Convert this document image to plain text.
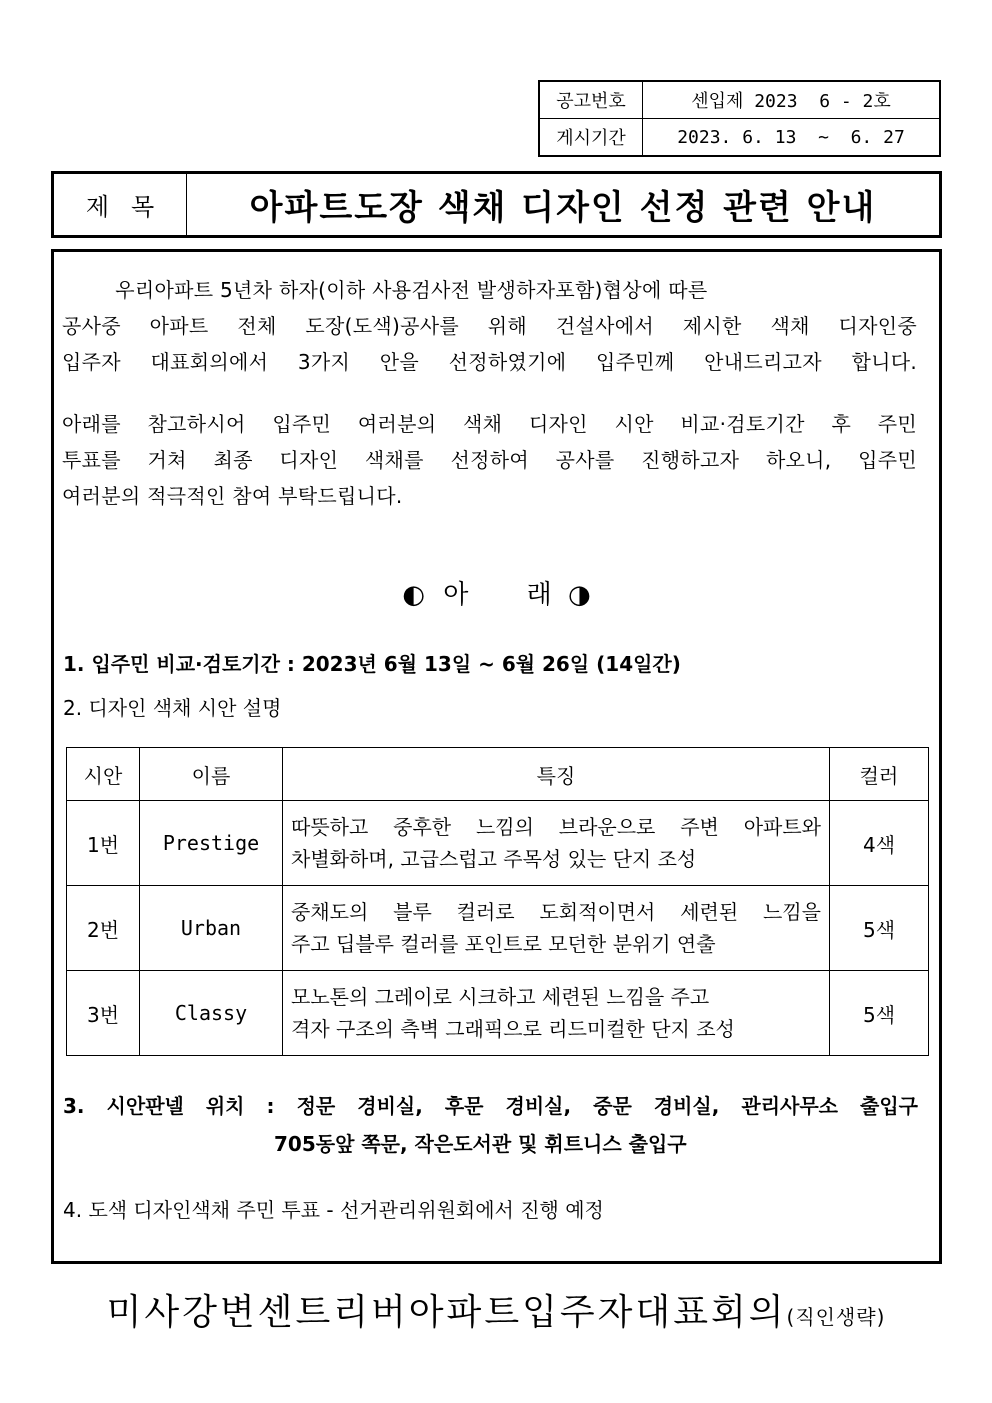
공고번호	센입제 2023  6 - 2호
게시기간	2023. 6. 13  ~  6. 27
제목	아파트도장 색채 디자인 선정 관련 안내
우리아파트 5년차 하자(이하 사용검사전 발생하자포함)협상에 따른
공사중 아파트 전체 도장(도색)공사를 위해 건설사에서 제시한 색채 디자인중
입주자 대표회의에서 3가지 안을 선정하였기에 입주민께 안내드리고자 합니다.
아래를 참고하시어 입주민 여러분의 색채 디자인 시안 비교·검토기간 후 주민
투표를 거쳐 최종 디자인 색채를 선정하여 공사를 진행하고자 하오니, 입주민
여러분의 적극적인 참여 부탁드립니다.
◐ 아 래 ◑
1. 입주민 비교·검토기간 : 2023년 6월 13일 ~ 6월 26일 (14일간)
2. 디자인 색채 시안 설명
시안	이름	특징	컬러
1번	Prestige	따뜻하고 중후한 느낌의 브라운으로 주변 아파트와
차별화하며, 고급스럽고 주목성 있는 단지 조성	4색
2번	Urban	중채도의 블루 컬러로 도회적이면서 세련된 느낌을
주고 딥블루 컬러를 포인트로 모던한 분위기 연출	5색
3번	Classy	모노톤의 그레이로 시크하고 세련된 느낌을 주고
격자 구조의 측벽 그래픽으로 리드미컬한 단지 조성	5색
3. 시안판넬 위치 : 정문 경비실, 후문 경비실, 중문 경비실, 관리사무소 출입구
705동앞 쪽문, 작은도서관 및 휘트니스 출입구
4. 도색 디자인색채 주민 투표 - 선거관리위원회에서 진행 예정
미사강변센트리버아파트입주자대표회의(직인생략)
